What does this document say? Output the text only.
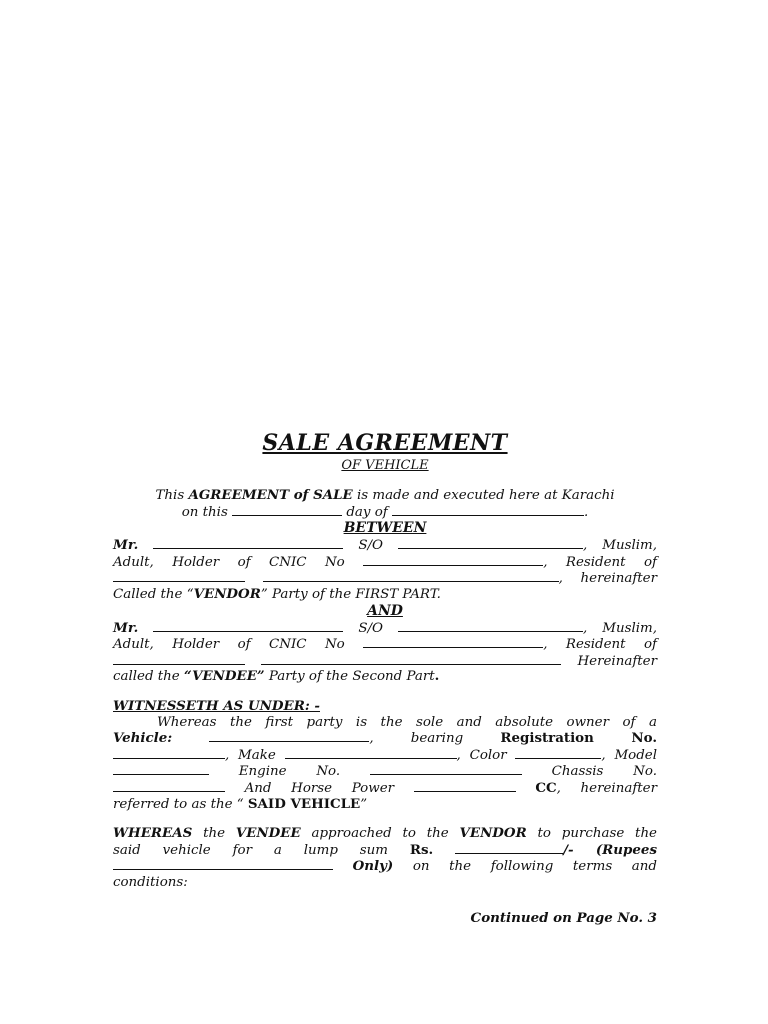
SALE AGREEMENT
OF VEHICLE

This AGREEMENT of SALE is made and executed here at Karachi

on this	day of	.

BETWEEN

Mr.	S/O	, Muslim,

Adult, Holder of CNIC No	, Resident of

, hereinafter

Called the “VENDOR” Party of the FIRST PART.

AND

Mr.	S/O	, Muslim,

Adult, Holder of CNIC No	, Resident of

Hereinafter

called the “VENDEE” Party of the Second Part.

WITNESSETH AS UNDER: -

Whereas the first party is the sole and absolute owner of a

Vehicle:	, bearing	Registration No.

, Make	, Color	, Model

Engine No.	Chassis No.

And Horse Power	CC, hereinafter

referred to as the “ SAID VEHICLE”

WHEREAS the VENDEE approached to the VENDOR to purchase the

said vehicle for a lump sum Rs.	/- (Rupees

Only) on the following terms and

conditions:

Continued on Page No. 3
